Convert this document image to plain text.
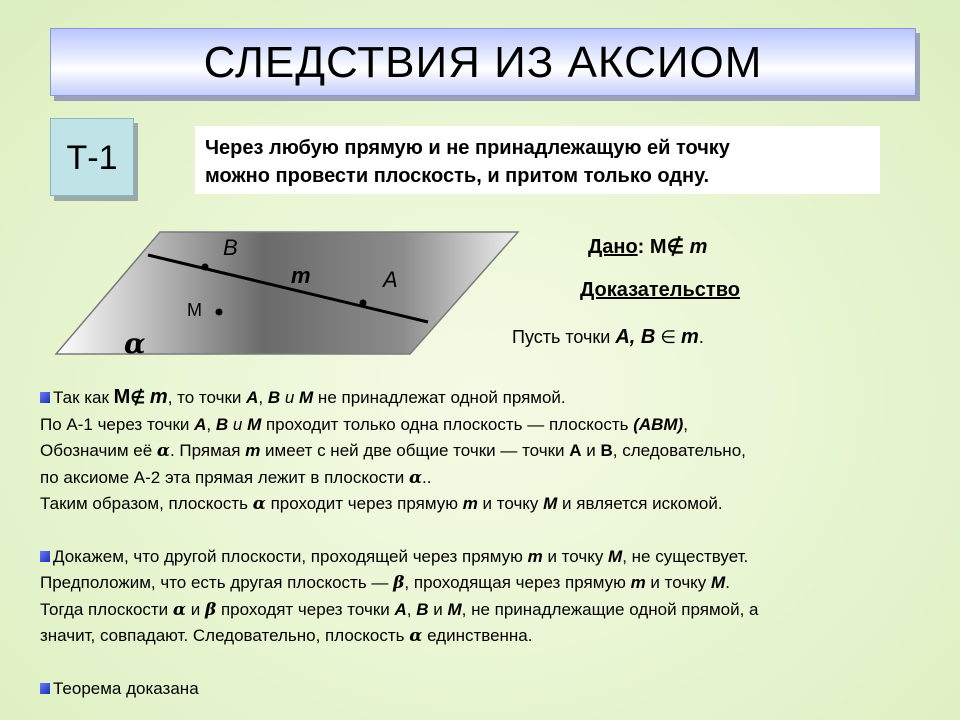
СЛЕДСТВИЯ ИЗ АКСИОМ
Т-1	Через любую прямую и не принадлежащую ей точку
можно провести плоскость, и притом только одну.
B
A
m
M
α
Дано: M∉ m
Доказательство
Пусть точки A, B ∈ m.

Так как M∉ m, то точки A, B и M не принадлежат одной прямой.

По А-1 через точки A, B и M проходит только одна плоскость — плоскость (АВМ),

Обозначим её α. Прямая m имеет с ней две общие точки — точки А и В, следовательно,

по аксиоме А-2 эта прямая лежит в плоскости α..

Таким образом, плоскость α проходит через прямую m и точку M и является искомой.

Докажем, что другой плоскости, проходящей через прямую m и точку M, не существует.

Предположим, что есть другая плоскость — β, проходящая через прямую m и точку M.

Тогда плоскости α и β проходят через точки A, B и M, не принадлежащие одной прямой, а

значит, совпадают. Следовательно, плоскость α единственна.

Теорема доказана
